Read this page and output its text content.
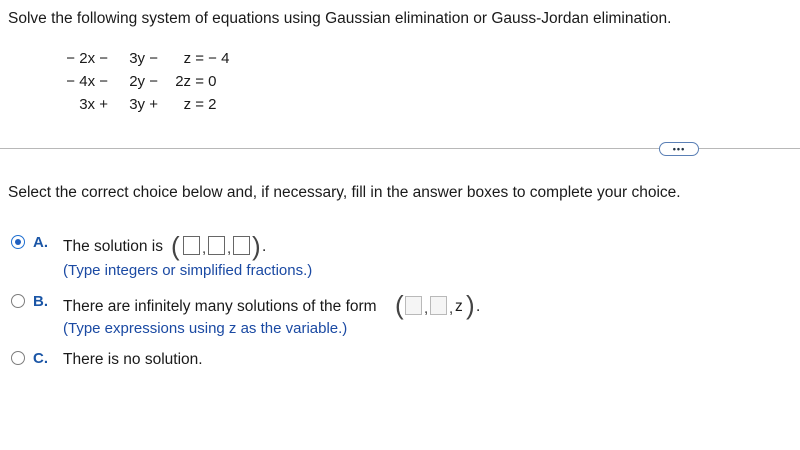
Solve the following system of equations using Gaussian elimination or Gauss-Jordan elimination.
− 2x −	3y −	z =	− 4
− 4x −	2y −	2z =	0
3x +	3y +	z =	2
•••
Select the correct choice below and, if necessary, fill in the answer boxes to complete your choice.
A. The solution is ( , , ) .
(Type integers or simplified fractions.)
B. There are infinitely many solutions of the form ( , , z ) .
(Type expressions using z as the variable.)
C. There is no solution.
